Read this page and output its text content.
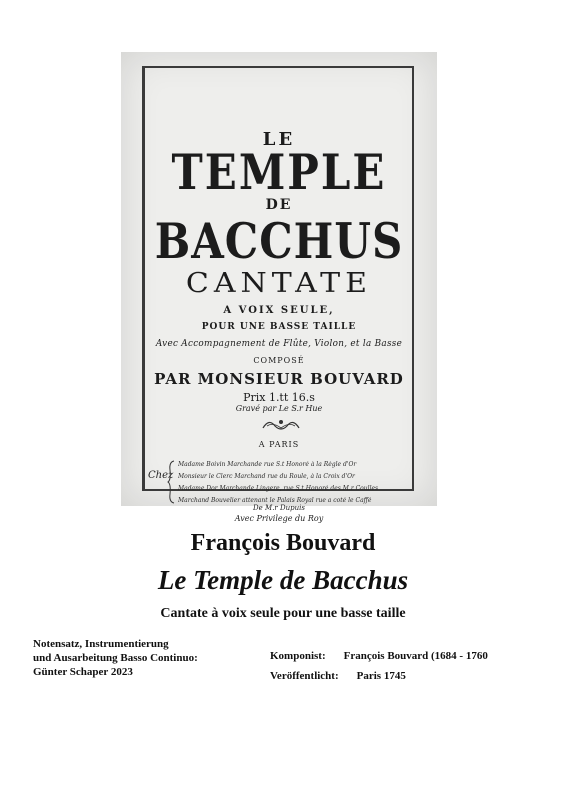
LE
TEMPLE
DE
BACCHUS
CANTATE
A VOIX SEULE,
POUR UNE BASSE TAILLE
Avec Accompagnement de Flûte, Violon, et la Basse
COMPOSÉ
PAR MONSIEUR BOUVARD
Prix 1.tt 16.s
Gravé par Le S.r Hue
A PARIS
Chez
Madame Boivin Marchande rue S.t Honoré à la Règle d'Or
Monsieur le Clerc Marchand rue du Roule, à la Croix d'Or
Madame Dor Marchande Lingere, rue S.t Honoré des M.r Coulles
Marchand Bouvelier attenant le Palais Royal rue a coté le Caffé
De M.r Dupuis
Avec Privilege du Roy
François Bouvard
Le Temple de Bacchus
Cantate à voix seule pour une basse taille
Notensatz, Instrumentierung
und Ausarbeitung Basso Continuo:
Günter Schaper 2023
Komponist: François Bouvard (1684 - 1760
Veröffentlicht: Paris 1745
